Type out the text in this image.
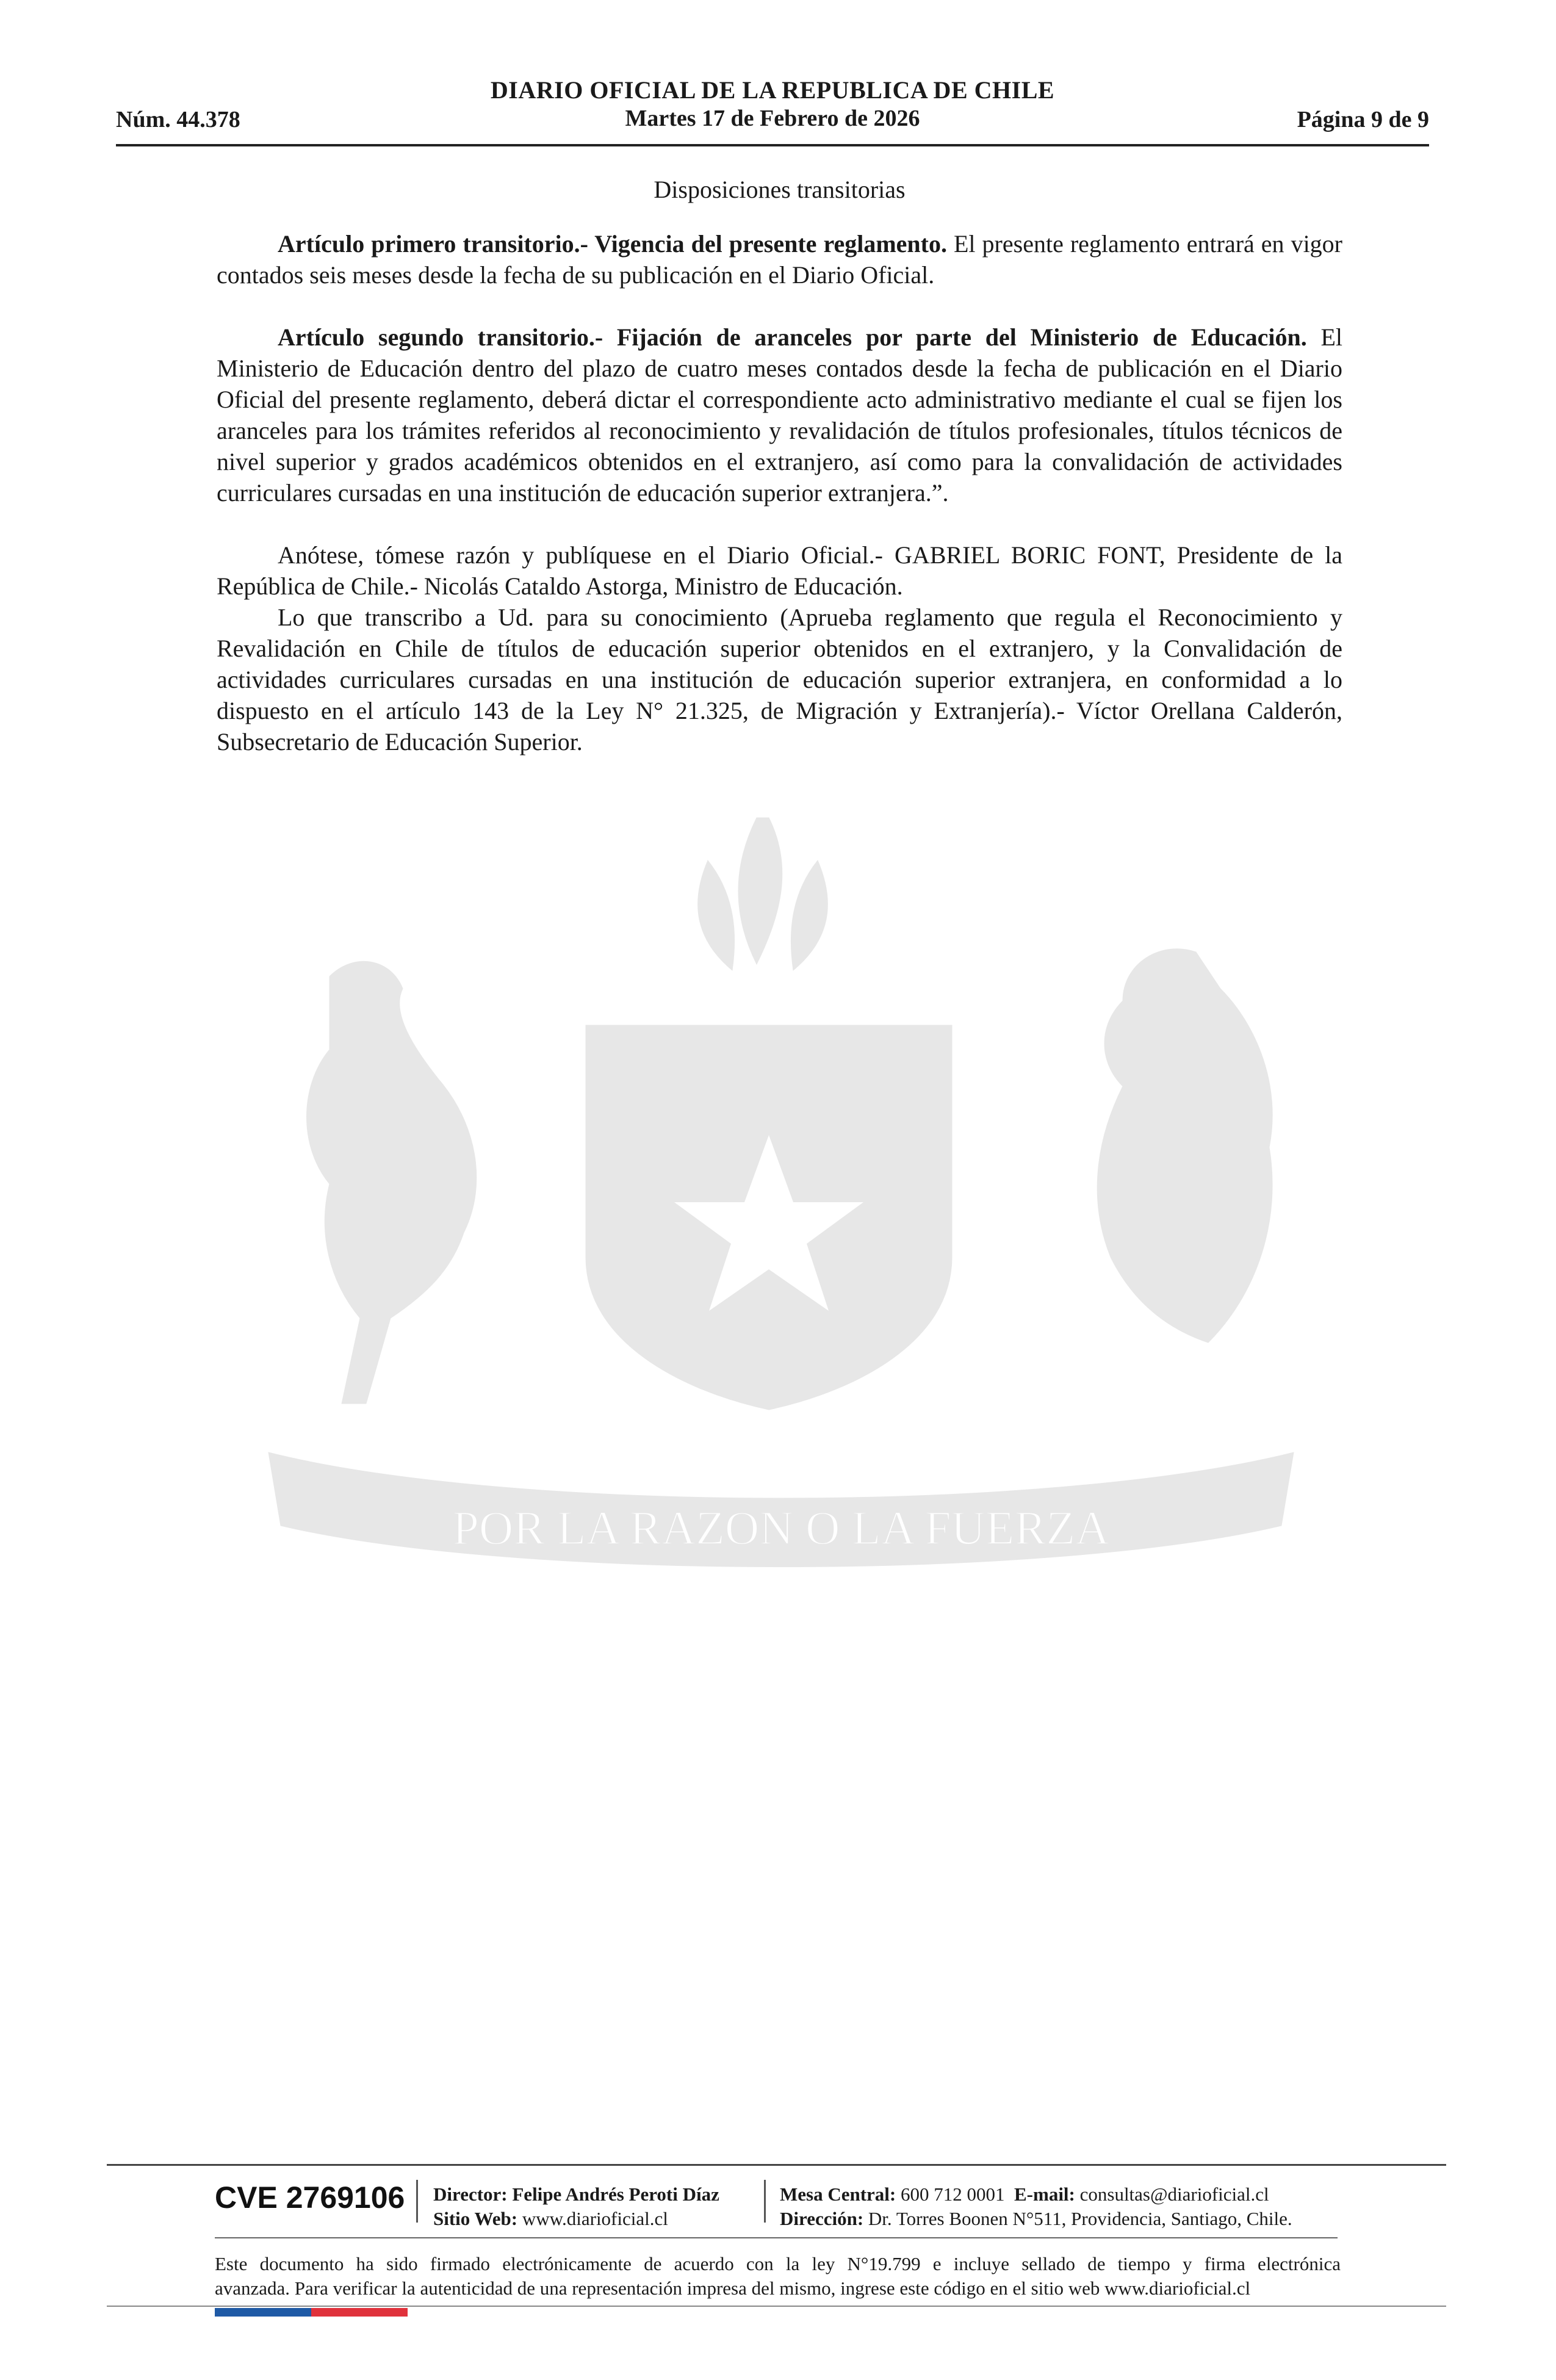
DIARIO OFICIAL DE LA REPUBLICA DE CHILE
Martes 17 de Febrero de 2026
Núm. 44.378	Página 9 de 9
POR LA RAZON O LA FUERZA
Disposiciones transitorias

Artículo primero transitorio.- Vigencia del presente reglamento. El presente reglamento entrará en vigor contados seis meses desde la fecha de su publicación en el Diario Oficial.

Artículo segundo transitorio.- Fijación de aranceles por parte del Ministerio de Educación. El Ministerio de Educación dentro del plazo de cuatro meses contados desde la fecha de publicación en el Diario Oficial del presente reglamento, deberá dictar el correspondiente acto administrativo mediante el cual se fijen los aranceles para los trámites referidos al reconocimiento y revalidación de títulos profesionales, títulos técnicos de nivel superior y grados académicos obtenidos en el extranjero, así como para la convalidación de actividades curriculares cursadas en una institución de educación superior extranjera.”.

Anótese, tómese razón y publíquese en el Diario Oficial.- GABRIEL BORIC FONT, Presidente de la República de Chile.- Nicolás Cataldo Astorga, Ministro de Educación.

Lo que transcribo a Ud. para su conocimiento (Aprueba reglamento que regula el Reconocimiento y Revalidación en Chile de títulos de educación superior obtenidos en el extranjero, y la Convalidación de actividades curriculares cursadas en una institución de educación superior extranjera, en conformidad a lo dispuesto en el artículo 143 de la Ley N° 21.325, de Migración y Extranjería).- Víctor Orellana Calderón, Subsecretario de Educación Superior.

CVE 2769106 Director: Felipe Andrés Peroti Díaz
Sitio Web: www.diarioficial.cl
Mesa Central: 600 712 0001 E-mail: consultas@diarioficial.cl
Dirección: Dr. Torres Boonen N°511, Providencia, Santiago, Chile.
Este documento ha sido firmado electrónicamente de acuerdo con la ley N°19.799 e incluye sellado de tiempo y firma electrónica
avanzada. Para verificar la autenticidad de una representación impresa del mismo, ingrese este código en el sitio web www.diarioficial.cl
